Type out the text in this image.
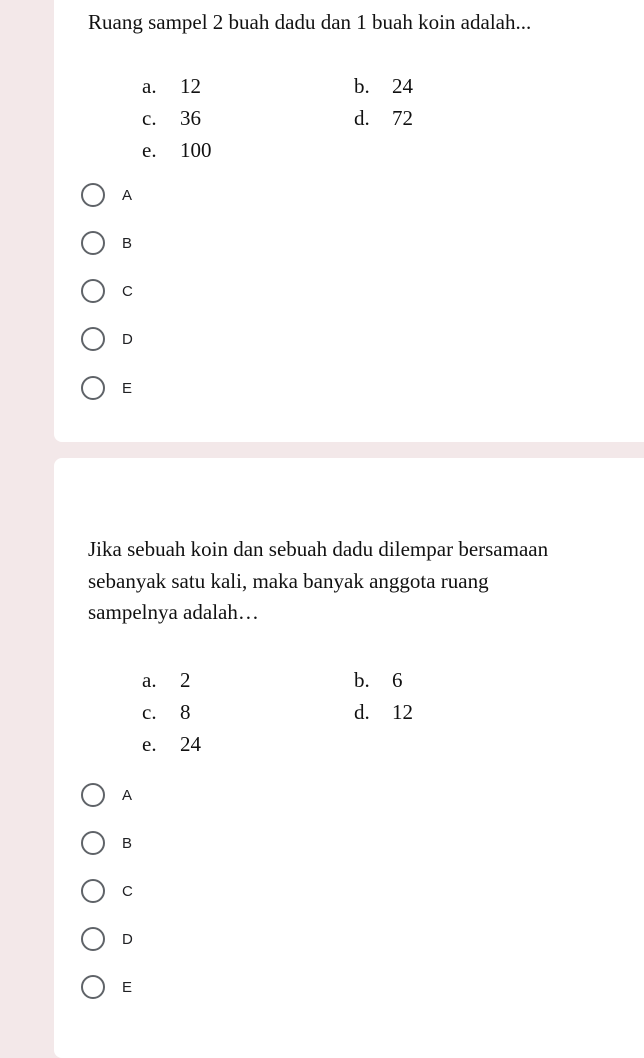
Ruang sampel 2 buah dadu dan 1 buah koin adalah...

a. 12	b. 24
c. 36	d. 72
e. 100
A
B
C
D
E

Jika sebuah koin dan sebuah dadu dilempar bersamaan sebanyak satu kali, maka banyak anggota ruang sampelnya adalah…

a. 2	b. 6
c. 8	d. 12
e. 24
A
B
C
D
E
